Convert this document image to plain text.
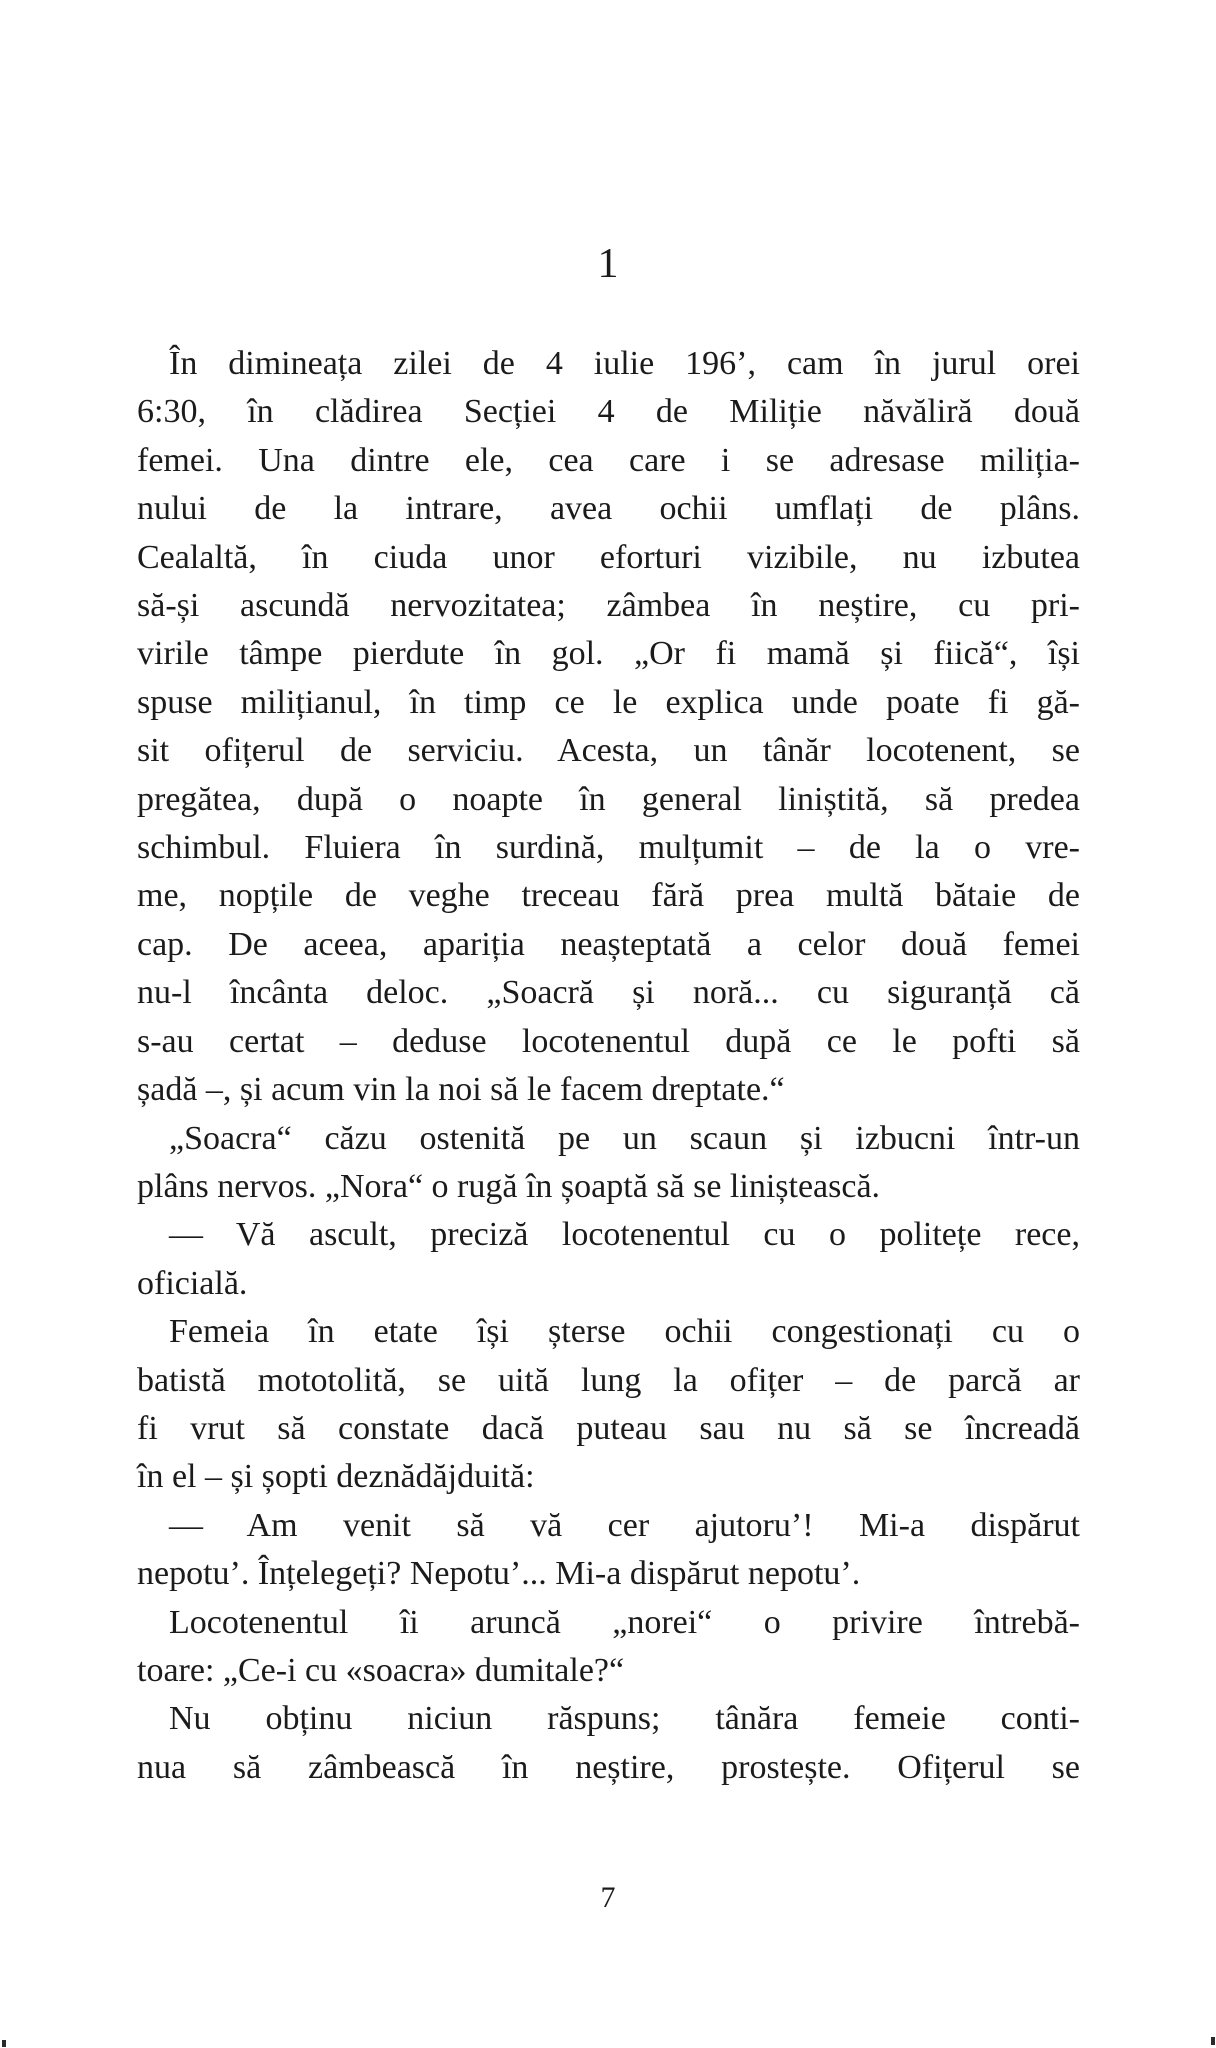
1
În dimineața zilei de 4 iulie 196’, cam în jurul orei
6:30, în clădirea Secției 4 de Miliție năvăliră două
femei. Una dintre ele, cea care i se adresase miliția-
nului de la intrare, avea ochii umflați de plâns.
Cealaltă, în ciuda unor eforturi vizibile, nu izbutea
să-și ascundă nervozitatea; zâmbea în neștire, cu pri-
virile tâmpe pierdute în gol. „Or fi mamă și fiică“, își
spuse milițianul, în timp ce le explica unde poate fi gă-
sit ofițerul de serviciu. Acesta, un tânăr locotenent, se
pregătea, după o noapte în general liniștită, să predea
schimbul. Fluiera în surdină, mulțumit – de la o vre-
me, nopțile de veghe treceau fără prea multă bătaie de
cap. De aceea, apariția neașteptată a celor două femei
nu-l încânta deloc. „Soacră și noră... cu siguranță că
s-au certat – deduse locotenentul după ce le pofti să
șadă –, și acum vin la noi să le facem dreptate.“
„Soacra“ căzu ostenită pe un scaun și izbucni într-un
plâns nervos. „Nora“ o rugă în șoaptă să se liniștească.
— Vă ascult, preciză locotenentul cu o politețe rece,
oficială.
Femeia în etate își șterse ochii congestionați cu o
batistă mototolită, se uită lung la ofițer – de parcă ar
fi vrut să constate dacă puteau sau nu să se încreadă
în el – și șopti deznădăjduită:
— Am venit să vă cer ajutoru’! Mi-a dispărut
nepotu’. Înțelegeți? Nepotu’... Mi-a dispărut nepotu’.
Locotenentul îi aruncă „norei“ o privire întrebă-
toare: „Ce-i cu «soacra» dumitale?“
Nu obținu niciun răspuns; tânăra femeie conti-
nua să zâmbească în neștire, prostește. Ofițerul se
7
